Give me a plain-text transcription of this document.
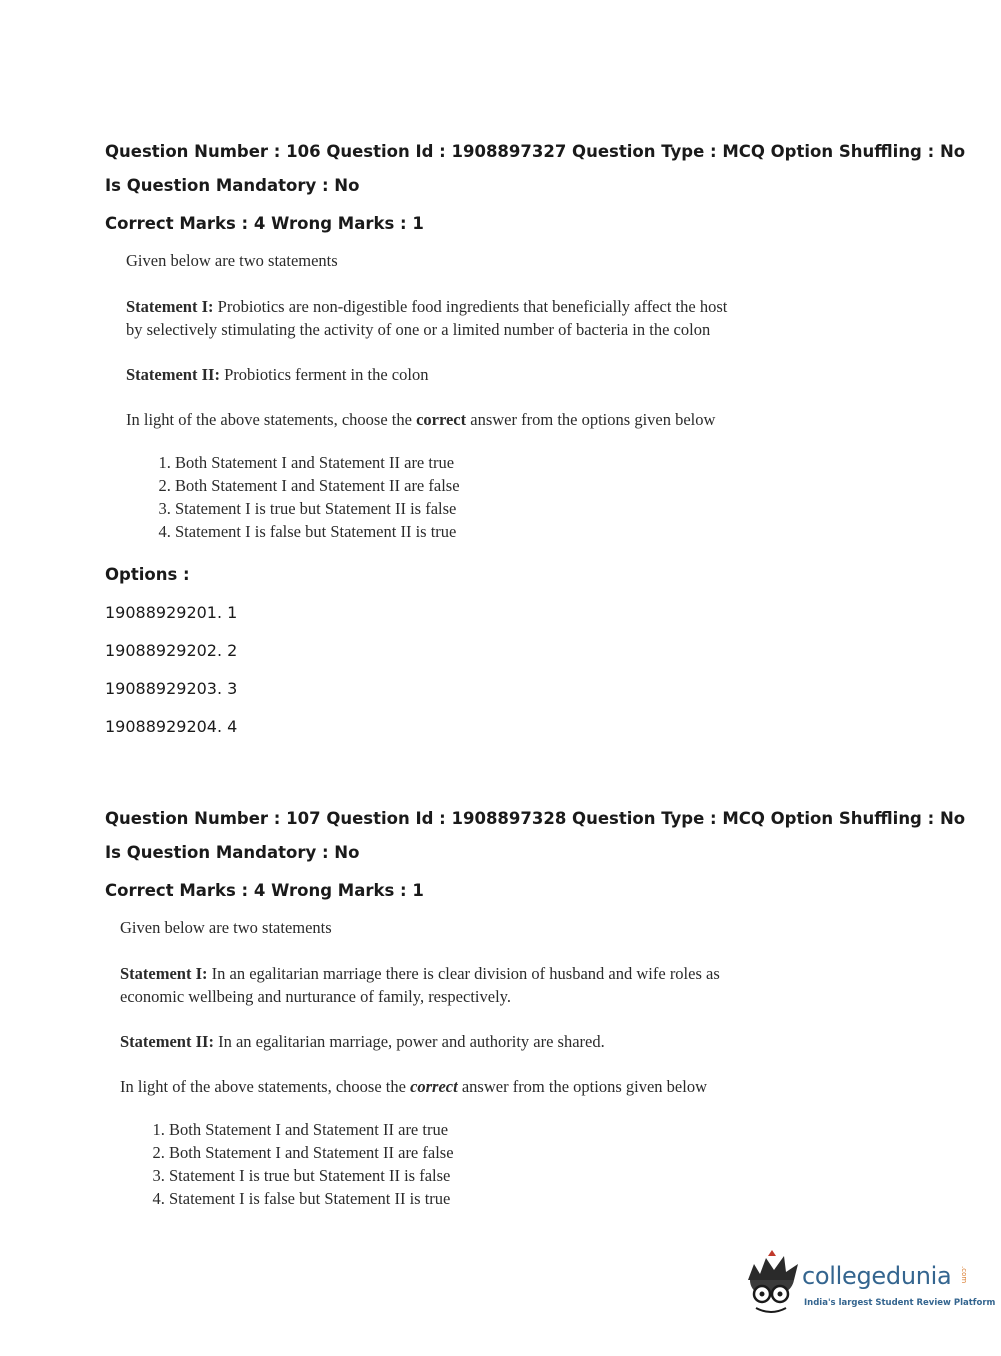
Question Number : 106 Question Id : 1908897327 Question Type : MCQ Option Shuffling : No
Is Question Mandatory : No
Correct Marks : 4 Wrong Marks : 1

Given below are two statements

Statement I: Probiotics are non-digestible food ingredients that beneficially affect the host
by selectively stimulating the activity of one or a limited number of bacteria in the colon

Statement II: Probiotics ferment in the colon

In light of the above statements, choose the correct answer from the options given below

1. Both Statement I and Statement II are true
2. Both Statement I and Statement II are false
3. Statement I is true but Statement II is false
4. Statement I is false but Statement II is true
Options :
19088929201. 1
19088929202. 2
19088929203. 3
19088929204. 4
Question Number : 107 Question Id : 1908897328 Question Type : MCQ Option Shuffling : No
Is Question Mandatory : No
Correct Marks : 4 Wrong Marks : 1

Given below are two statements

Statement I: In an egalitarian marriage there is clear division of husband and wife roles as
economic wellbeing and nurturance of family, respectively.

Statement II: In an egalitarian marriage, power and authority are shared.

In light of the above statements, choose the correct answer from the options given below

1. Both Statement I and Statement II are true
2. Both Statement I and Statement II are false
3. Statement I is true but Statement II is false
4. Statement I is false but Statement II is true
collegedunia .com
India's largest Student Review Platform
